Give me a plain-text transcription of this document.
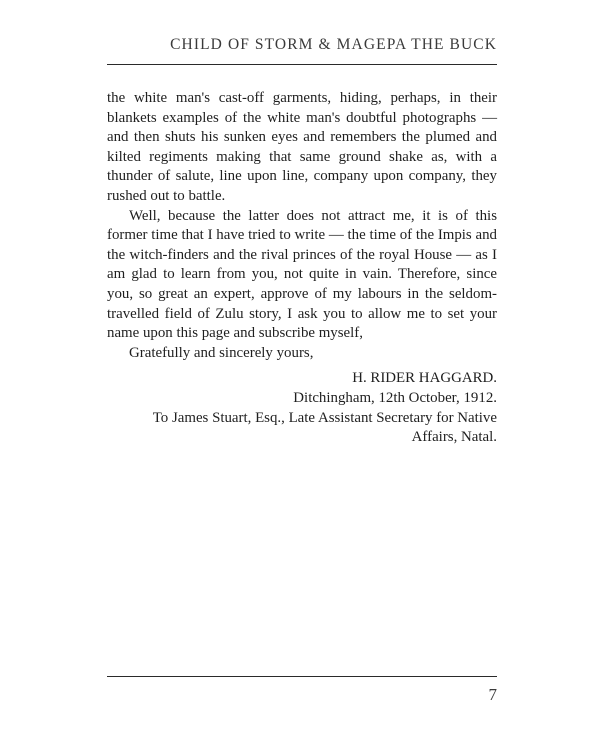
CHILD OF STORM & MAGEPA THE BUCK

the white man's cast-off garments, hiding, perhaps, in their blankets examples of the white man's doubtful photographs — and then shuts his sunken eyes and remembers the plumed and kilted regiments making that same ground shake as, with a thunder of salute, line upon line, company upon company, they rushed out to battle.

Well, because the latter does not attract me, it is of this former time that I have tried to write — the time of the Impis and the witch-finders and the rival princes of the royal House — as I am glad to learn from you, not quite in vain. Therefore, since you, so great an expert, approve of my labours in the seldom-travelled field of Zulu story, I ask you to allow me to set your name upon this page and subscribe myself,

Gratefully and sincerely yours,

H. RIDER HAGGARD.
Ditchingham, 12th October, 1912.
To James Stuart, Esq., Late Assistant Secretary for Native
Affairs, Natal.
7
